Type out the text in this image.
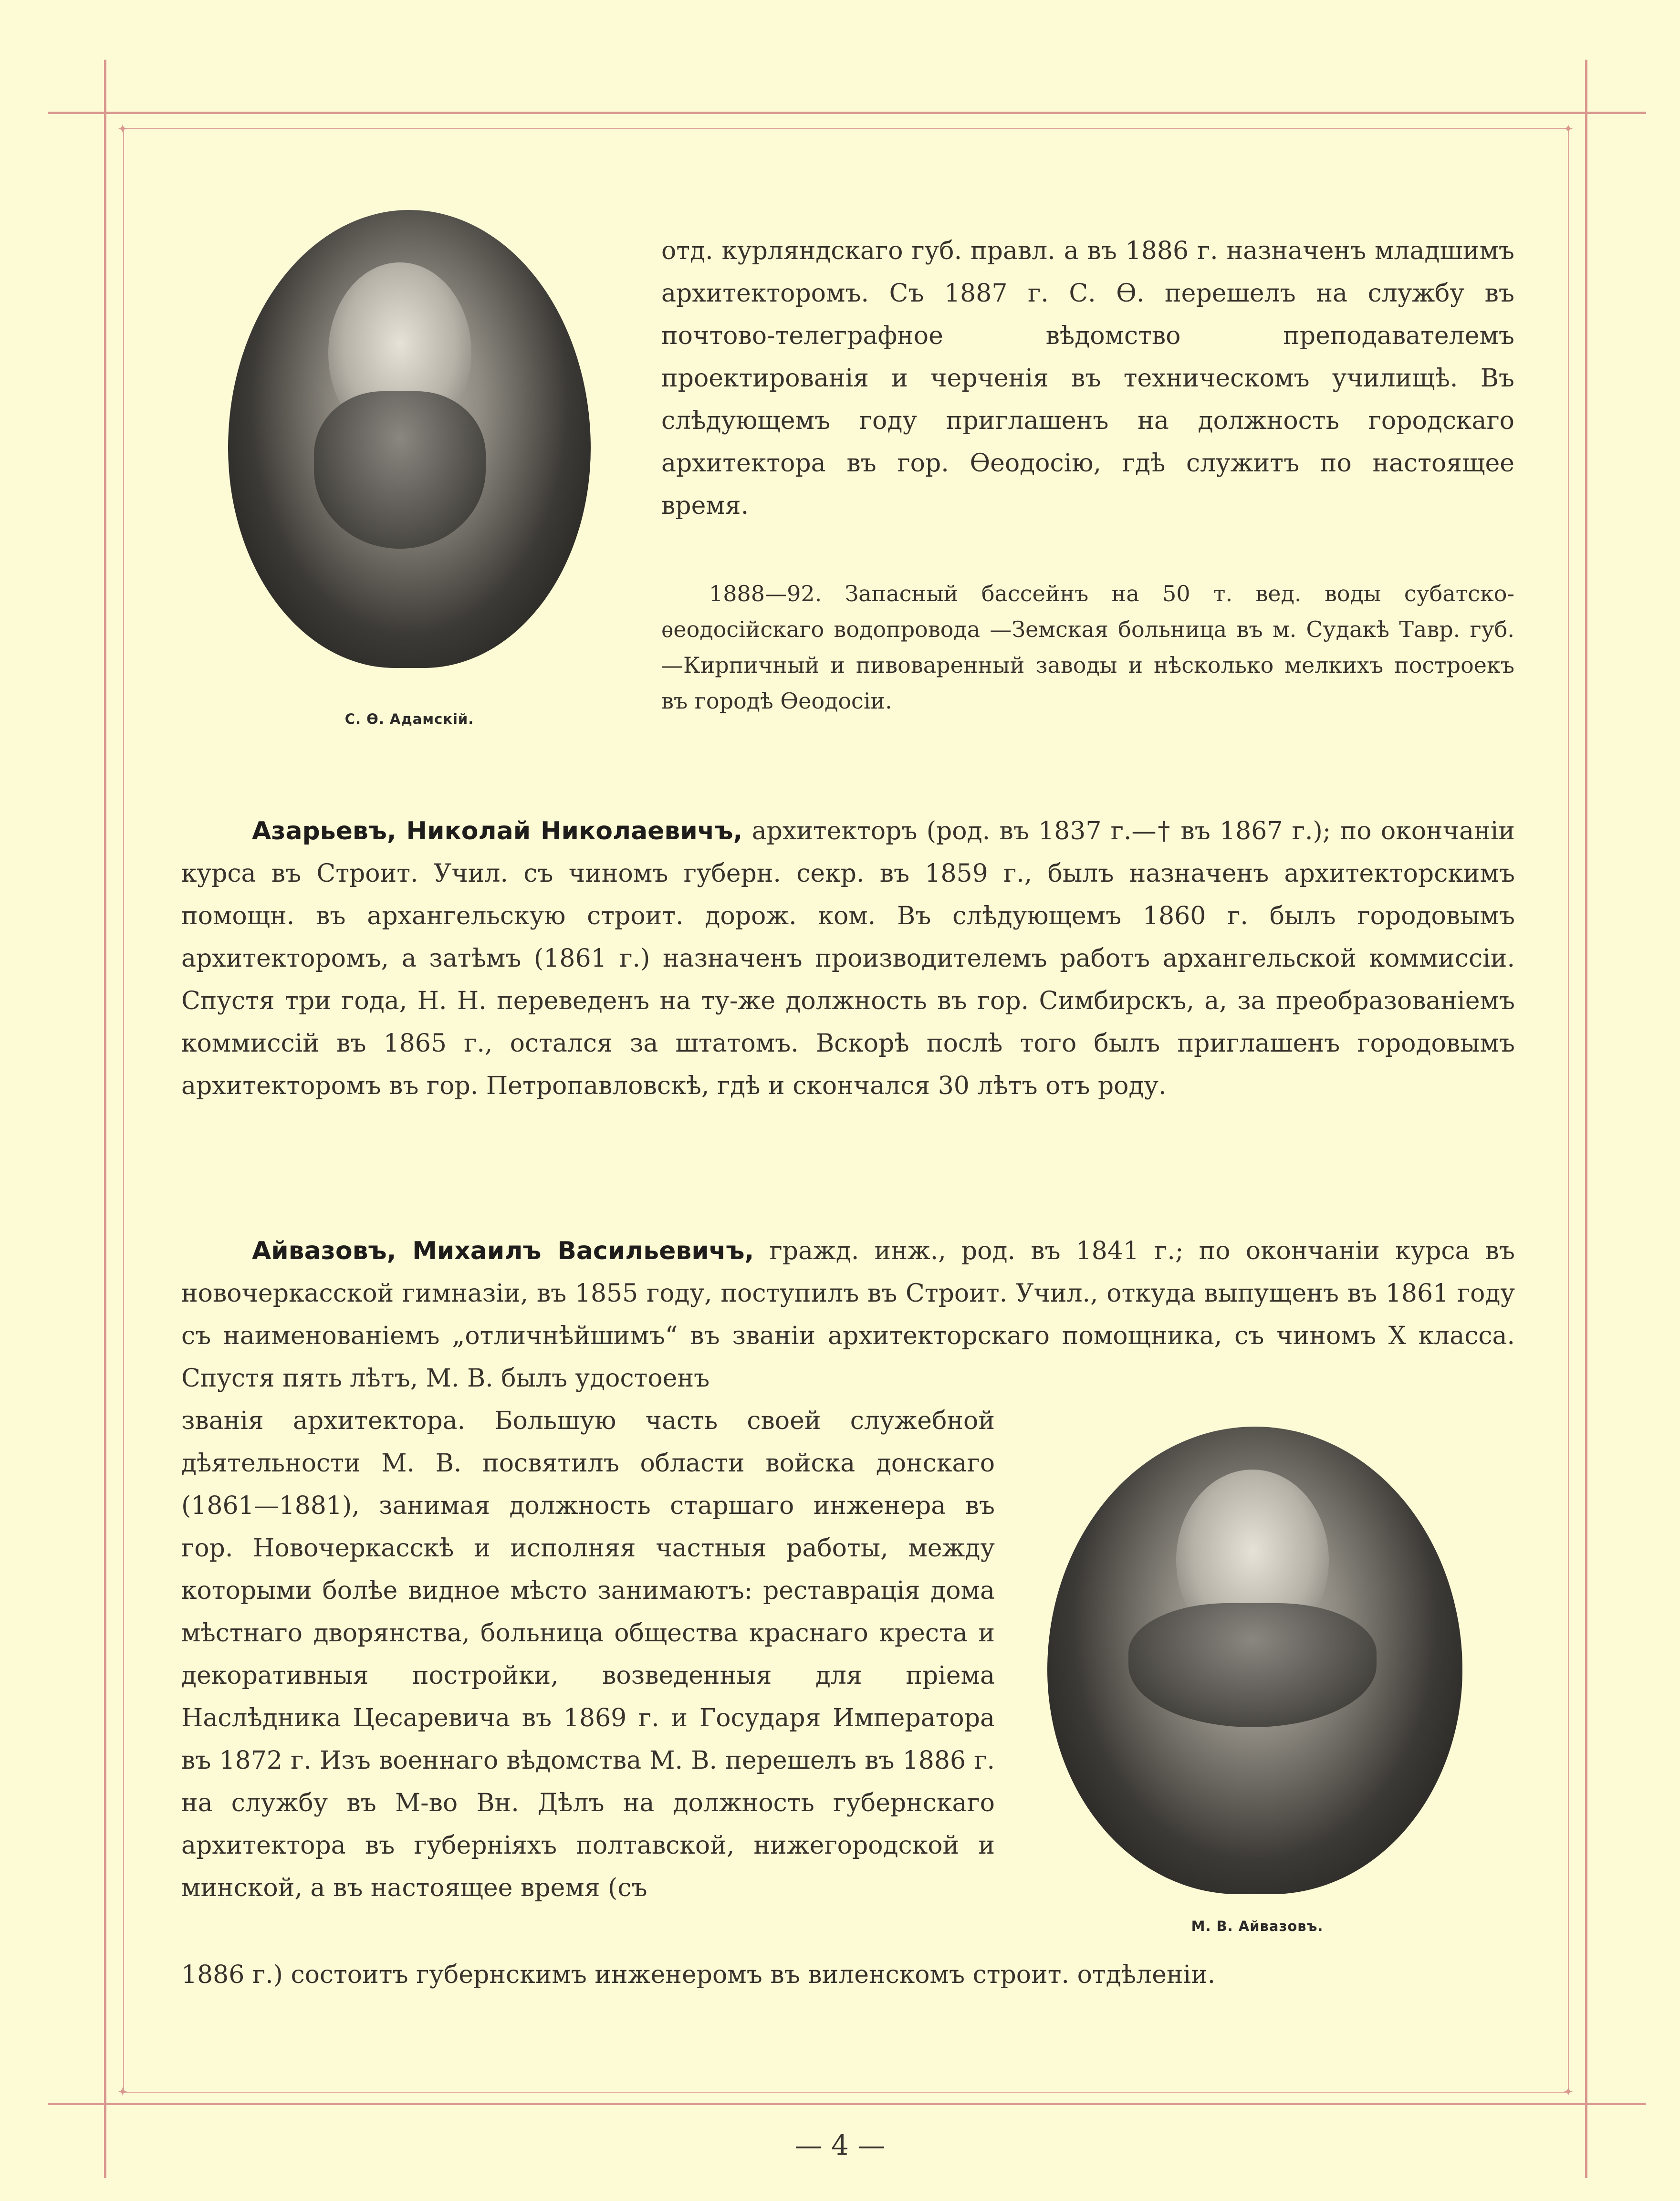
✦	✦
✦	✦
С. Ѳ. Адамскій.
отд. курляндскаго губ. правл. а въ 1886 г. назначенъ младшимъ архитекторомъ. Съ 1887 г. С. Ѳ. перешелъ на службу въ почтово-телеграфное вѣдомство преподавателемъ проектированія и черченія въ техническомъ училищѣ. Въ слѣдующемъ году приглашенъ на должность городскаго архитектора въ гор. Ѳеодосію, гдѣ служитъ по настоящее время.
1888—92. Запасный бассейнъ на 50 т. вед. воды субатско-ѳеодосійскаго водопровода —Земская больница въ м. Судакѣ Тавр. губ.—Кирпичный и пивоваренный заводы и нѣсколько мелкихъ построекъ въ городѣ Ѳеодосіи.
Азарьевъ, Николай Николаевичъ, архитекторъ (род. въ 1837 г.—† въ 1867 г.); по окончаніи курса въ Строит. Учил. съ чиномъ губерн. секр. въ 1859 г., былъ назначенъ архитекторскимъ помощн. въ архангельскую строит. дорож. ком. Въ слѣдующемъ 1860 г. былъ городовымъ архитекторомъ, а затѣмъ (1861 г.) назначенъ производителемъ работъ архангельской коммиссіи. Спустя три года, Н. Н. переведенъ на ту-же должность въ гор. Симбирскъ, а, за преобразованіемъ коммиссій въ 1865 г., остался за штатомъ. Вскорѣ послѣ того былъ приглашенъ городовымъ архитекторомъ въ гор. Петропавловскѣ, гдѣ и скончался 30 лѣтъ отъ роду.
Айвазовъ, Михаилъ Васильевичъ, гражд. инж., род. въ 1841 г.; по окончаніи курса въ новочеркасской гимназіи, въ 1855 году, поступилъ въ Строит. Учил., откуда выпущенъ въ 1861 году съ наименованіемъ „отличнѣйшимъ“ въ званіи архитекторскаго помощника, съ чиномъ X класса. Спустя пять лѣтъ, М. В. былъ удостоенъ
званія архитектора. Большую часть своей служебной дѣятельности М. В. посвятилъ области войска донскаго (1861—1881), занимая должность старшаго инженера въ гор. Новочеркасскѣ и исполняя частныя работы, между которыми болѣе видное мѣсто занимаютъ: реставрація дома мѣстнаго дворянства, больница общества краснаго креста и декоративныя постройки, возведенныя для пріема Наслѣдника Цесаревича въ 1869 г. и Государя Императора въ 1872 г. Изъ военнаго вѣдомства М. В. перешелъ въ 1886 г. на службу въ М-во Вн. Дѣлъ на должность губернскаго архитектора въ губерніяхъ полтавской, нижегородской и минской, а въ настоящее время (съ
М. В. Айвазовъ.
1886 г.) состоитъ губернскимъ инженеромъ въ виленскомъ строит. отдѣленіи.
— 4 —
